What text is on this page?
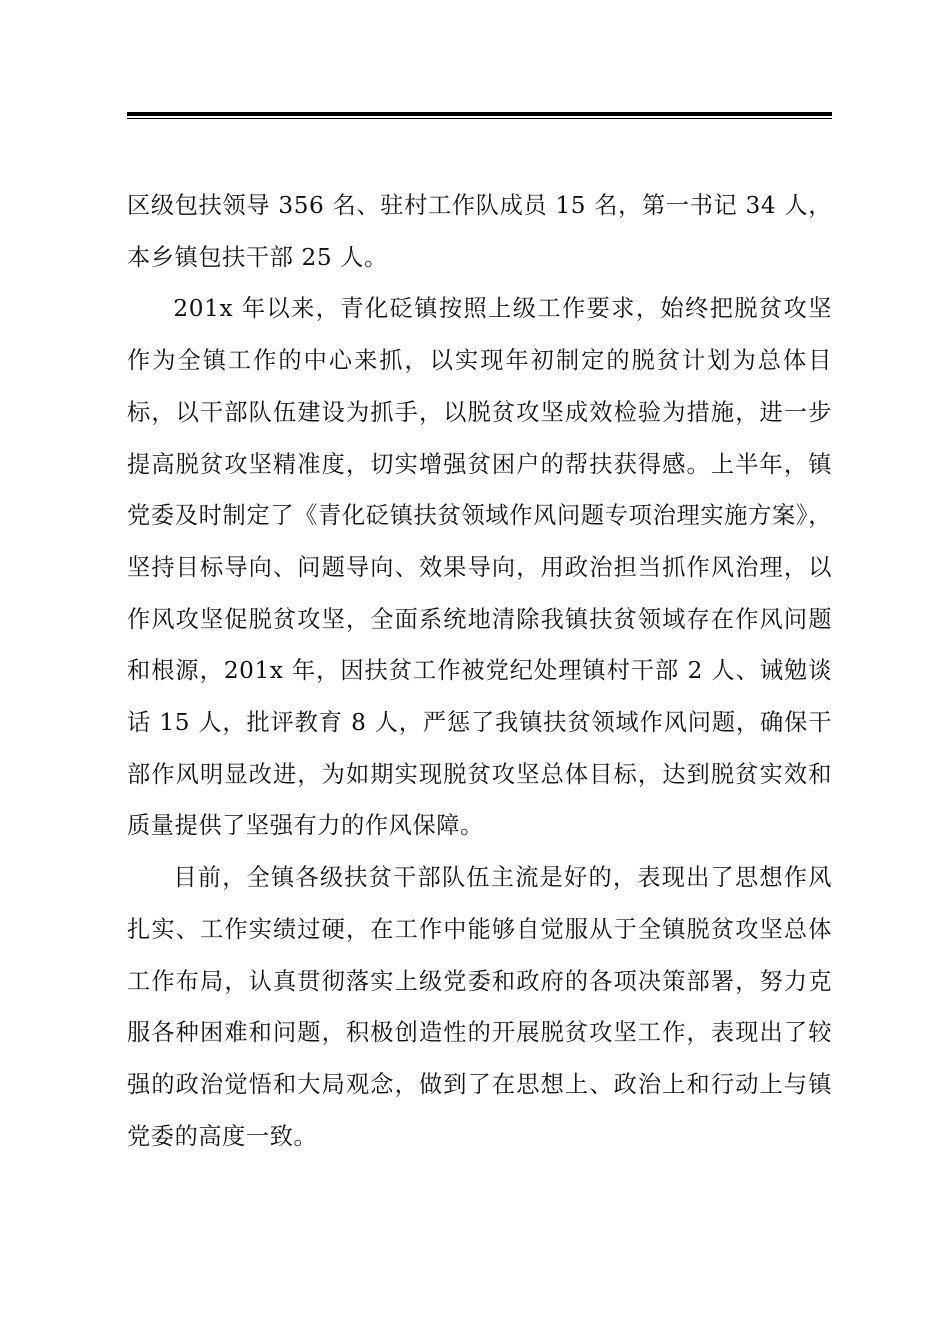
区级包扶领导 356 名、驻村工作队成员 15 名，第一书记 34 人，本乡镇包扶干部 25 人。

201x 年以来，青化砭镇按照上级工作要求，始终把脱贫攻坚作为全镇工作的中心来抓，以实现年初制定的脱贫计划为总体目标，以干部队伍建设为抓手，以脱贫攻坚成效检验为措施，进一步提高脱贫攻坚精准度，切实增强贫困户的帮扶获得感。上半年，镇党委及时制定了《青化砭镇扶贫领域作风问题专项治理实施方案》，坚持目标导向、问题导向、效果导向，用政治担当抓作风治理，以作风攻坚促脱贫攻坚，全面系统地清除我镇扶贫领域存在作风问题和根源，201x 年，因扶贫工作被党纪处理镇村干部 2 人、诫勉谈话 15 人，批评教育 8 人，严惩了我镇扶贫领域作风问题，确保干部作风明显改进，为如期实现脱贫攻坚总体目标，达到脱贫实效和质量提供了坚强有力的作风保障。

目前，全镇各级扶贫干部队伍主流是好的，表现出了思想作风扎实、工作实绩过硬，在工作中能够自觉服从于全镇脱贫攻坚总体工作布局，认真贯彻落实上级党委和政府的各项决策部署，努力克服各种困难和问题，积极创造性的开展脱贫攻坚工作，表现出了较强的政治觉悟和大局观念，做到了在思想上、政治上和行动上与镇党委的高度一致。
